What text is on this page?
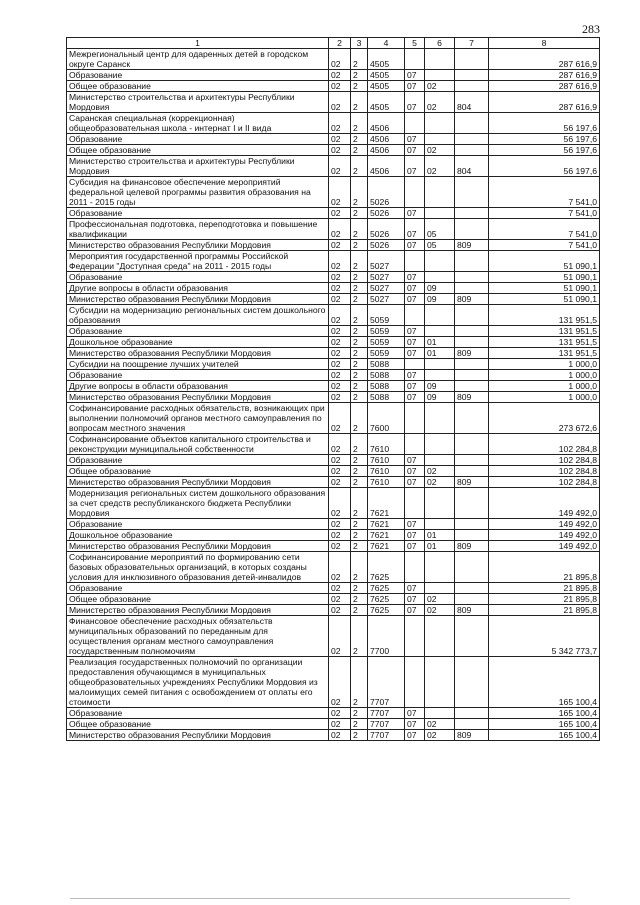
283
1	2	3	4	5	6	7	8
Межрегиональный центр для одаренных детей в городском округе Саранск	02	2	4505				287 616,9
Образование	02	2	4505	07			287 616,9
Общее образование	02	2	4505	07	02		287 616,9
Министерство строительства и архитектуры Республики Мордовия	02	2	4505	07	02	804	287 616,9
Саранская специальная (коррекционная) общеобразовательная школа - интернат I и II вида	02	2	4506				56 197,6
Образование	02	2	4506	07			56 197,6
Общее образование	02	2	4506	07	02		56 197,6
Министерство строительства и архитектуры Республики Мордовия	02	2	4506	07	02	804	56 197,6
Субсидия на финансовое обеспечение мероприятий федеральной целевой программы развития образования на 2011 - 2015 годы	02	2	5026				7 541,0
Образование	02	2	5026	07			7 541,0
Профессиональная подготовка, переподготовка и повышение квалификации	02	2	5026	07	05		7 541,0
Министерство образования Республики Мордовия	02	2	5026	07	05	809	7 541,0
Мероприятия государственной программы Российской Федерации "Доступная среда" на 2011 - 2015 годы	02	2	5027				51 090,1
Образование	02	2	5027	07			51 090,1
Другие вопросы в области образования	02	2	5027	07	09		51 090,1
Министерство образования Республики Мордовия	02	2	5027	07	09	809	51 090,1
Субсидии на модернизацию региональных систем дошкольного образования	02	2	5059				131 951,5
Образование	02	2	5059	07			131 951,5
Дошкольное образование	02	2	5059	07	01		131 951,5
Министерство образования Республики Мордовия	02	2	5059	07	01	809	131 951,5
Субсидии на поощрение лучших учителей	02	2	5088				1 000,0
Образование	02	2	5088	07			1 000,0
Другие вопросы в области образования	02	2	5088	07	09		1 000,0
Министерство образования Республики Мордовия	02	2	5088	07	09	809	1 000,0
Софинансирование расходных обязательств, возникающих при выполнении полномочий органов местного самоуправления по вопросам местного значения	02	2	7600				273 672,6
Софинансирование объектов капитального строительства и реконструкции муниципальной собственности	02	2	7610				102 284,8
Образование	02	2	7610	07			102 284,8
Общее образование	02	2	7610	07	02		102 284,8
Министерство образования Республики Мордовия	02	2	7610	07	02	809	102 284,8
Модернизация региональных систем дошкольного образования за счет средств республиканского бюджета Республики Мордовия	02	2	7621				149 492,0
Образование	02	2	7621	07			149 492,0
Дошкольное образование	02	2	7621	07	01		149 492,0
Министерство образования Республики Мордовия	02	2	7621	07	01	809	149 492,0
Софинансирование мероприятий по формированию сети базовых образовательных организаций, в которых созданы условия для инклюзивного образования детей-инвалидов	02	2	7625				21 895,8
Образование	02	2	7625	07			21 895,8
Общее образование	02	2	7625	07	02		21 895,8
Министерство образования Республики Мордовия	02	2	7625	07	02	809	21 895,8
Финансовое обеспечение расходных обязательств муниципальных образований по переданным для осуществления органам местного самоуправления государственным полномочиям	02	2	7700				5 342 773,7
Реализация государственных полномочий по организации предоставления обучающимся в муниципальных общеобразовательных учреждениях Республики Мордовия из малоимущих семей питания с освобождением от оплаты его стоимости	02	2	7707				165 100,4
Образование	02	2	7707	07			165 100,4
Общее образование	02	2	7707	07	02		165 100,4
Министерство образования Республики Мордовия	02	2	7707	07	02	809	165 100,4
